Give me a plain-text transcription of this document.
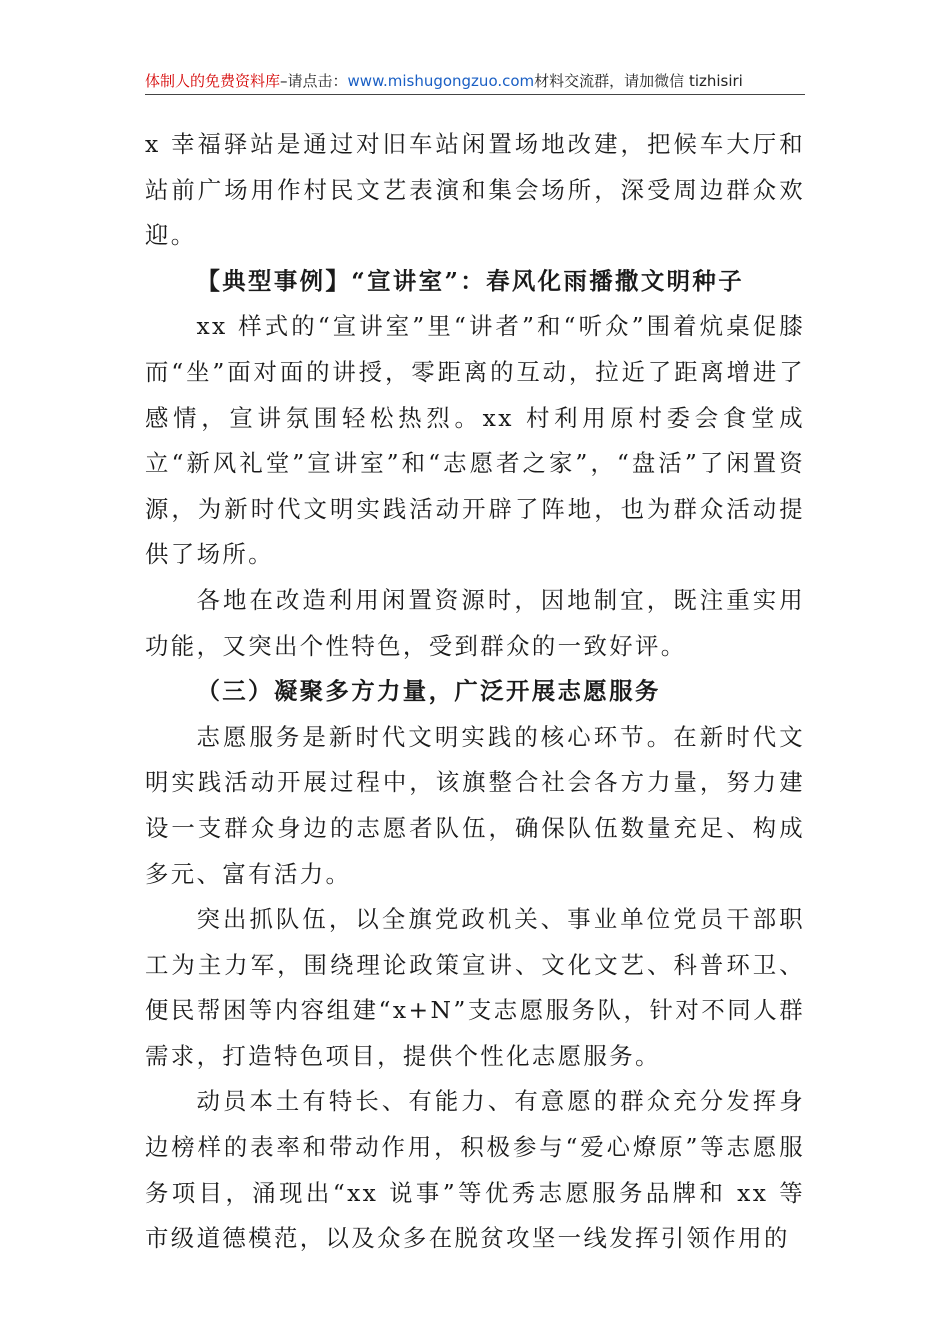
体制人的免费资料库–请点击：www.mishugongzuo.com材料交流群，请加微信 tizhisiri

x 幸福驿站是通过对旧车站闲置场地改建，把候车大厅和站前广场用作村民文艺表演和集会场所，深受周边群众欢迎。

【典型事例】“宣讲室”：春风化雨播撒文明种子

xx 样式的“宣讲室”里“讲者”和“听众”围着炕桌促膝而“坐”面对面的讲授，零距离的互动，拉近了距离增进了感情，宣讲氛围轻松热烈。xx 村利用原村委会食堂成立“新风礼堂”宣讲室”和“志愿者之家”，“盘活”了闲置资源，为新时代文明实践活动开辟了阵地，也为群众活动提供了场所。

各地在改造利用闲置资源时，因地制宜，既注重实用功能，又突出个性特色，受到群众的一致好评。

（三）凝聚多方力量，广泛开展志愿服务

志愿服务是新时代文明实践的核心环节。在新时代文明实践活动开展过程中，该旗整合社会各方力量，努力建设一支群众身边的志愿者队伍，确保队伍数量充足、构成多元、富有活力。

突出抓队伍，以全旗党政机关、事业单位党员干部职工为主力军，围绕理论政策宣讲、文化文艺、科普环卫、便民帮困等内容组建“x+N”支志愿服务队，针对不同人群需求，打造特色项目，提供个性化志愿服务。

动员本土有特长、有能力、有意愿的群众充分发挥身边榜样的表率和带动作用，积极参与“爱心燎原”等志愿服务项目，涌现出“xx 说事”等优秀志愿服务品牌和 xx 等市级道德模范，以及众多在脱贫攻坚一线发挥引领作用的
